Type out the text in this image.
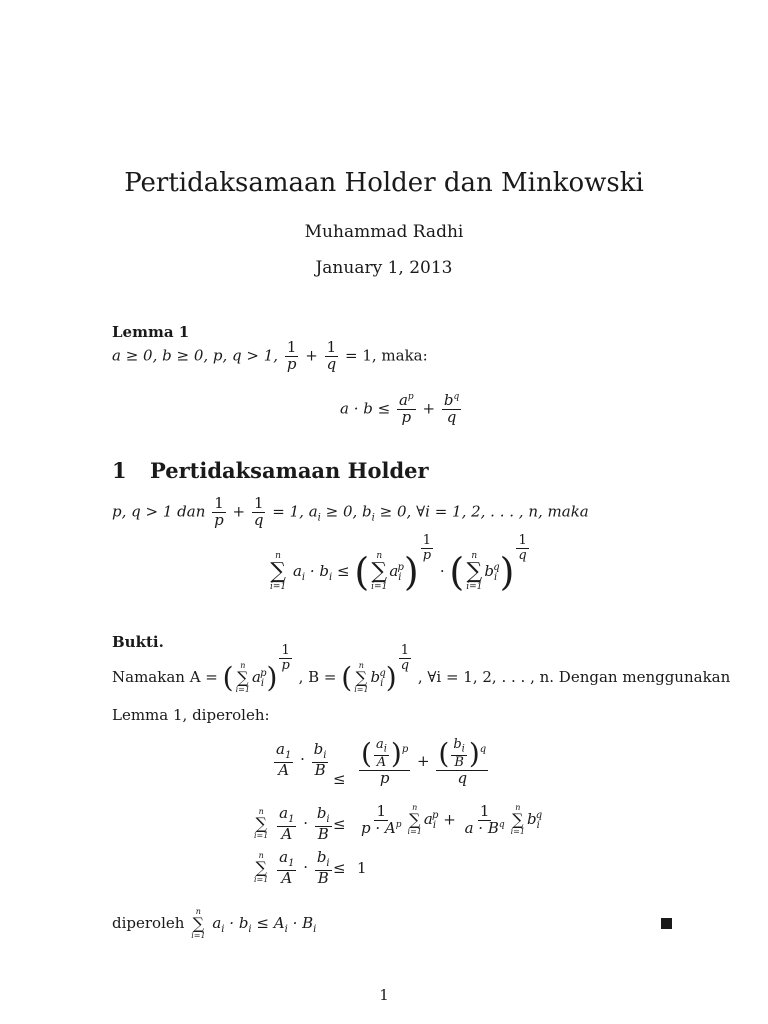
Pertidaksamaan Holder dan Minkowski
Muhammad Radhi
January 1, 2013
Lemma 1
a ≥ 0, b ≥ 0, p, q > 1, $\frac{1}{p} + \frac{1}{q} = 1$, maka:
$a \cdot b \le \frac{a^p}{p} + \frac{b^q}{q}$
1 Pertidaksamaan Holder
p, q > 1 dan $\frac{1}{p} + \frac{1}{q} = 1$, $a_i \ge 0$, $b_i \ge 0$, ∀i = 1, 2, . . . , n, maka
n
∑
i=1
$a_i \cdot b_i$ ≤ ( n
∑
i=1
$a_i^p$)
$\frac{1}{p}$
· ( n
∑
i=1
$b_i^q$)
$\frac{1}{q}$
Bukti.
Namakan A = ( n
∑
i=1
$a_i^p$)
$\frac{1}{p}$
, B = ( n
∑
i=1
$b_i^q$)
$\frac{1}{q}$
, ∀i = 1, 2, . . . , n. Dengan menggunakan
Lemma 1, diperoleh:
$\frac{a_1}{A} \cdot \frac{b_i}{B}$
≤ $\frac{( \frac{a_i}{A} )^p}{p} + \frac{( \frac{b_i}{B} )^q}{q}$
n
∑
i=1
$\frac{a_1}{A} \cdot \frac{b_i}{B} \le \frac{1}{p \cdot A^p}$ n
∑
i=1
$a_i^p + \frac{1}{a \cdot B^q}$ n
∑
i=1
$b_i^q$
n
∑
i=1
$\frac{a_1}{A} \cdot \frac{b_i}{B} \le 1$
diperoleh
n
∑
i=1
$a_i \cdot b_i \le A_i \cdot B_i$
1
